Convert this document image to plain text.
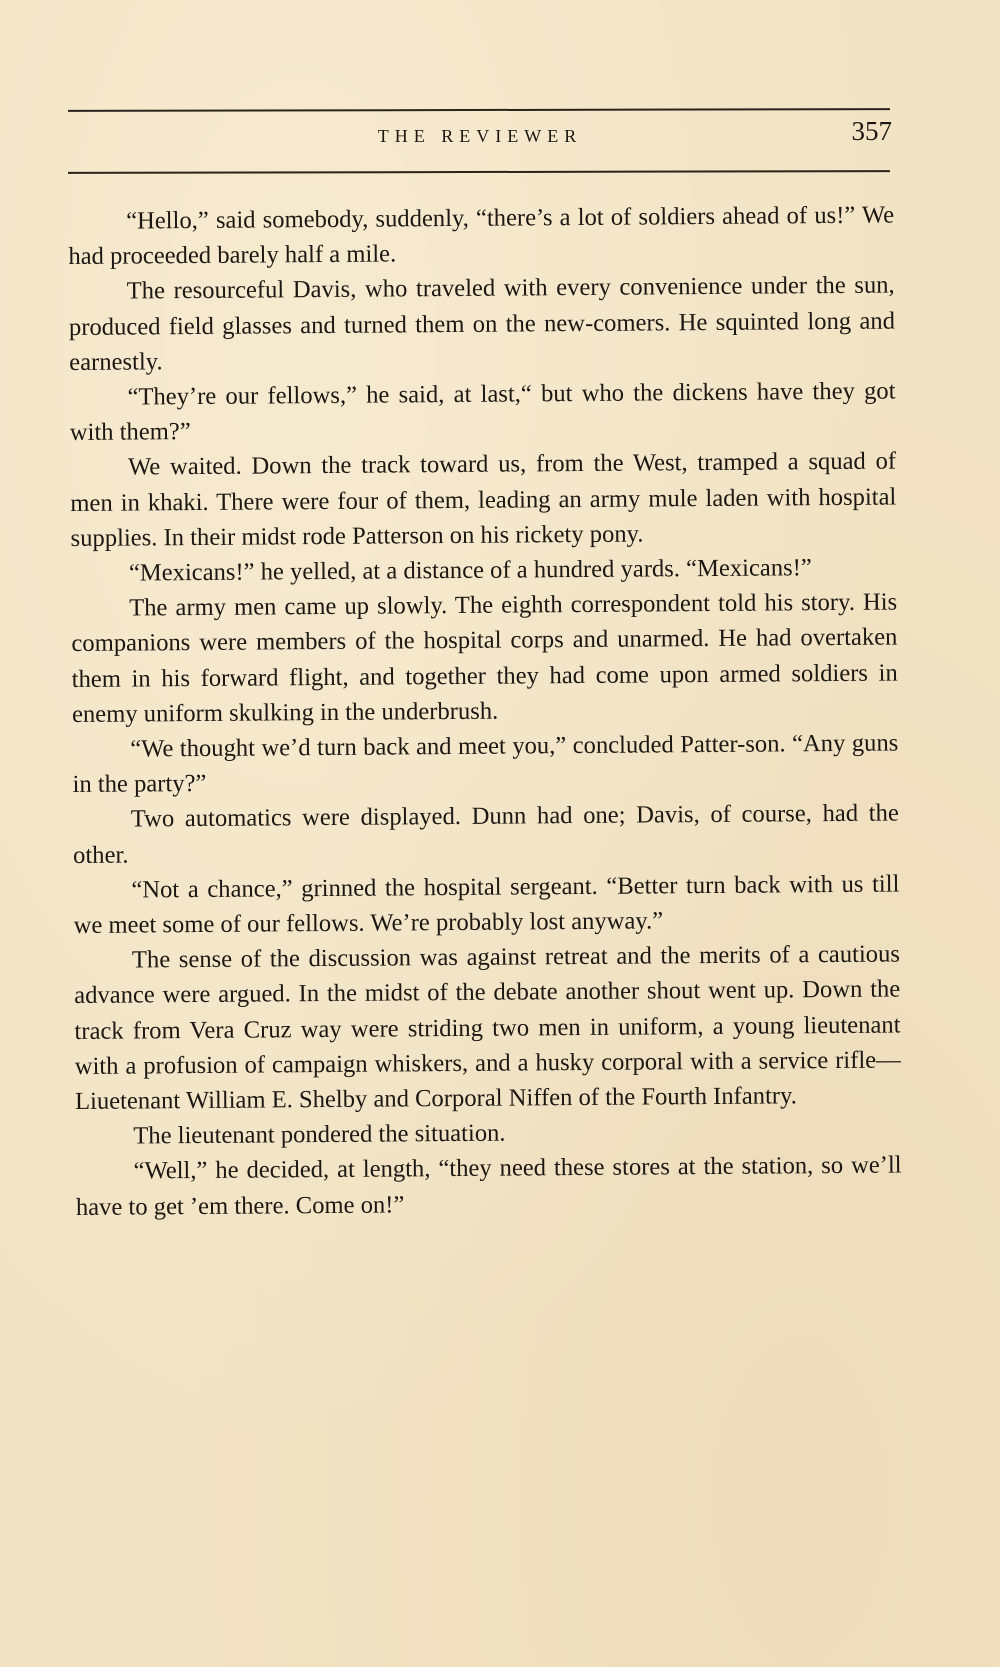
THE REVIEWER	357

“Hello,” said somebody, suddenly, “there’s a lot of soldiers ahead of us!” We had proceeded barely half a mile.

The resourceful Davis, who traveled with every convenience under the sun, produced field glasses and turned them on the new-comers. He squinted long and earnestly.

“They’re our fellows,” he said, at last,“ but who the dickens have they got with them?”

We waited. Down the track toward us, from the West, tramped a squad of men in khaki. There were four of them, leading an army mule laden with hospital supplies. In their midst rode Patterson on his rickety pony.

“Mexicans!” he yelled, at a distance of a hundred yards. “Mexicans!”

The army men came up slowly. The eighth correspondent told his story. His companions were members of the hospital corps and unarmed. He had overtaken them in his forward flight, and together they had come upon armed soldiers in enemy uniform skulking in the underbrush.

“We thought we’d turn back and meet you,” concluded Patter-son. “Any guns in the party?”

Two automatics were displayed. Dunn had one; Davis, of course, had the other.

“Not a chance,” grinned the hospital sergeant. “Better turn back with us till we meet some of our fellows. We’re probably lost anyway.”

The sense of the discussion was against retreat and the merits of a cautious advance were argued. In the midst of the debate another shout went up. Down the track from Vera Cruz way were striding two men in uniform, a young lieutenant with a profusion of campaign whiskers, and a husky corporal with a service rifle—Liuetenant William E. Shelby and Corporal Niffen of the Fourth Infantry.

The lieutenant pondered the situation.

“Well,” he decided, at length, “they need these stores at the station, so we’ll have to get ’em there. Come on!”
